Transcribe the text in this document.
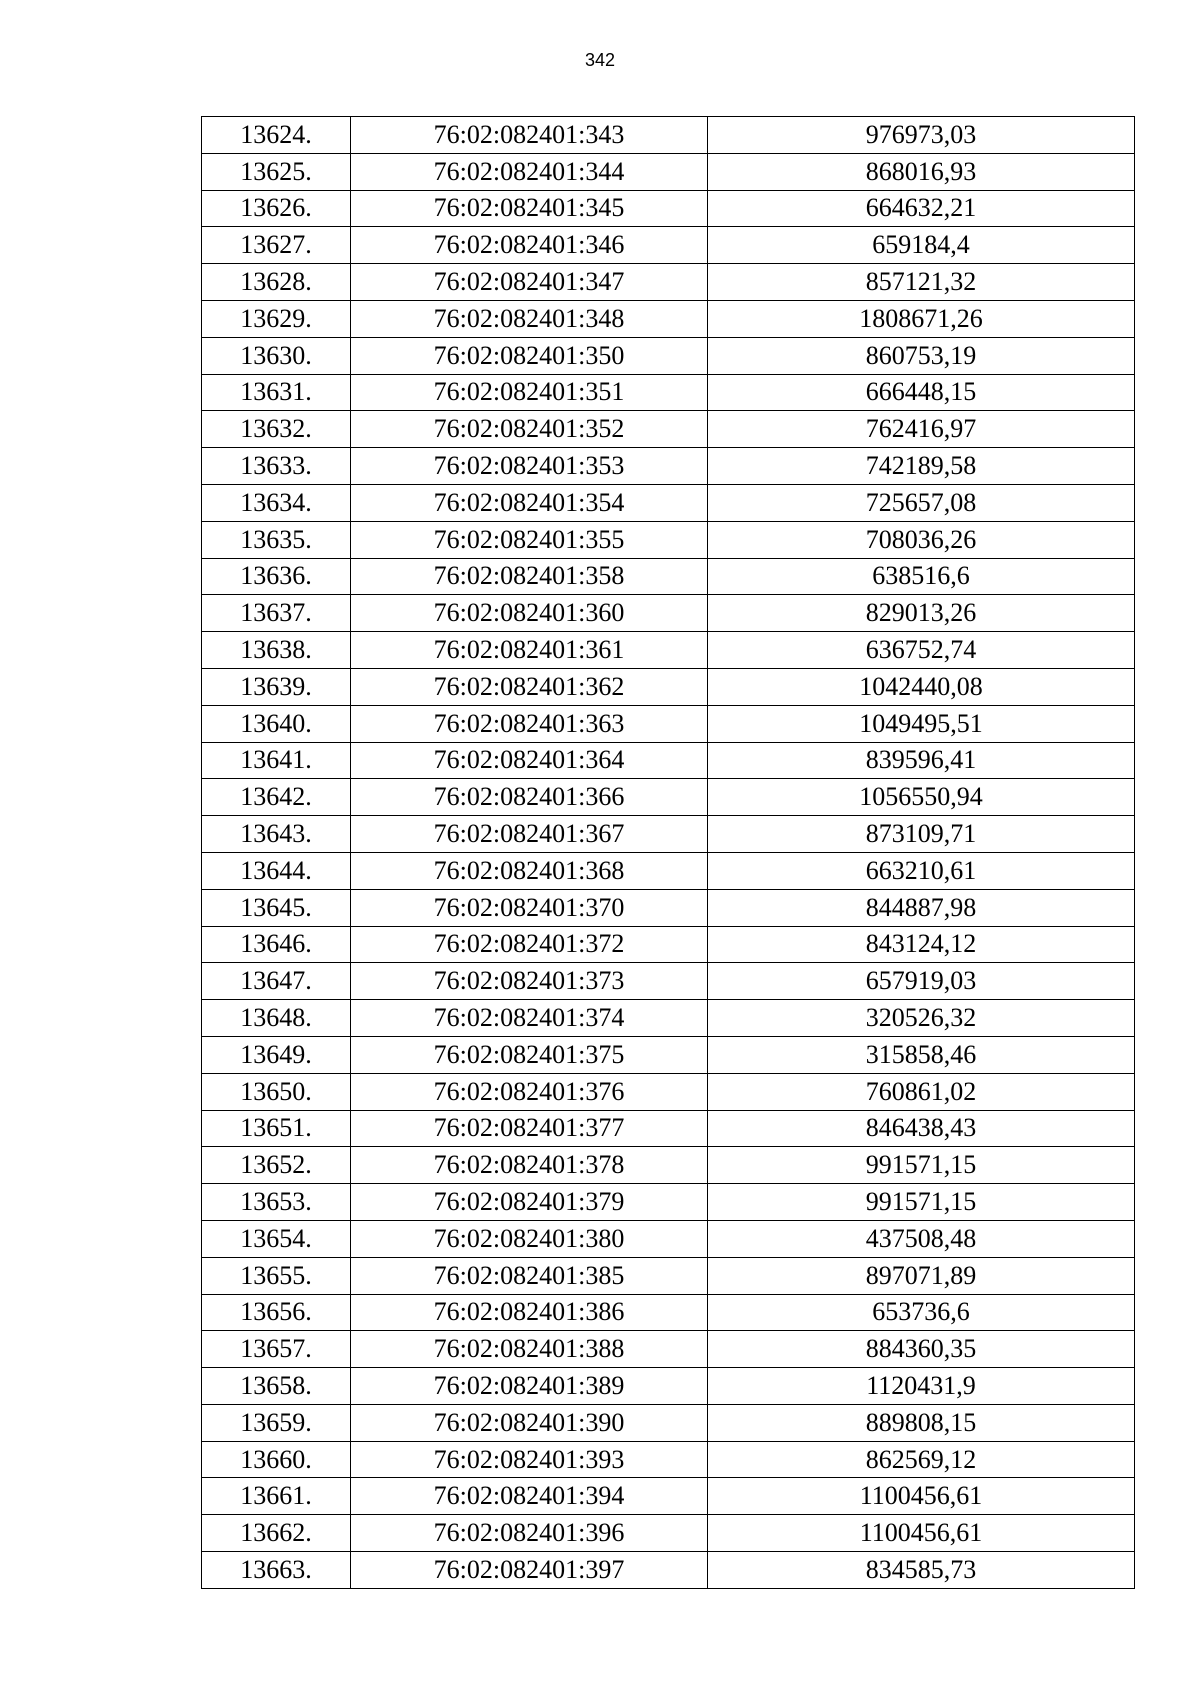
342
13624.	76:02:082401:343	976973,03
13625.	76:02:082401:344	868016,93
13626.	76:02:082401:345	664632,21
13627.	76:02:082401:346	659184,4
13628.	76:02:082401:347	857121,32
13629.	76:02:082401:348	1808671,26
13630.	76:02:082401:350	860753,19
13631.	76:02:082401:351	666448,15
13632.	76:02:082401:352	762416,97
13633.	76:02:082401:353	742189,58
13634.	76:02:082401:354	725657,08
13635.	76:02:082401:355	708036,26
13636.	76:02:082401:358	638516,6
13637.	76:02:082401:360	829013,26
13638.	76:02:082401:361	636752,74
13639.	76:02:082401:362	1042440,08
13640.	76:02:082401:363	1049495,51
13641.	76:02:082401:364	839596,41
13642.	76:02:082401:366	1056550,94
13643.	76:02:082401:367	873109,71
13644.	76:02:082401:368	663210,61
13645.	76:02:082401:370	844887,98
13646.	76:02:082401:372	843124,12
13647.	76:02:082401:373	657919,03
13648.	76:02:082401:374	320526,32
13649.	76:02:082401:375	315858,46
13650.	76:02:082401:376	760861,02
13651.	76:02:082401:377	846438,43
13652.	76:02:082401:378	991571,15
13653.	76:02:082401:379	991571,15
13654.	76:02:082401:380	437508,48
13655.	76:02:082401:385	897071,89
13656.	76:02:082401:386	653736,6
13657.	76:02:082401:388	884360,35
13658.	76:02:082401:389	1120431,9
13659.	76:02:082401:390	889808,15
13660.	76:02:082401:393	862569,12
13661.	76:02:082401:394	1100456,61
13662.	76:02:082401:396	1100456,61
13663.	76:02:082401:397	834585,73
